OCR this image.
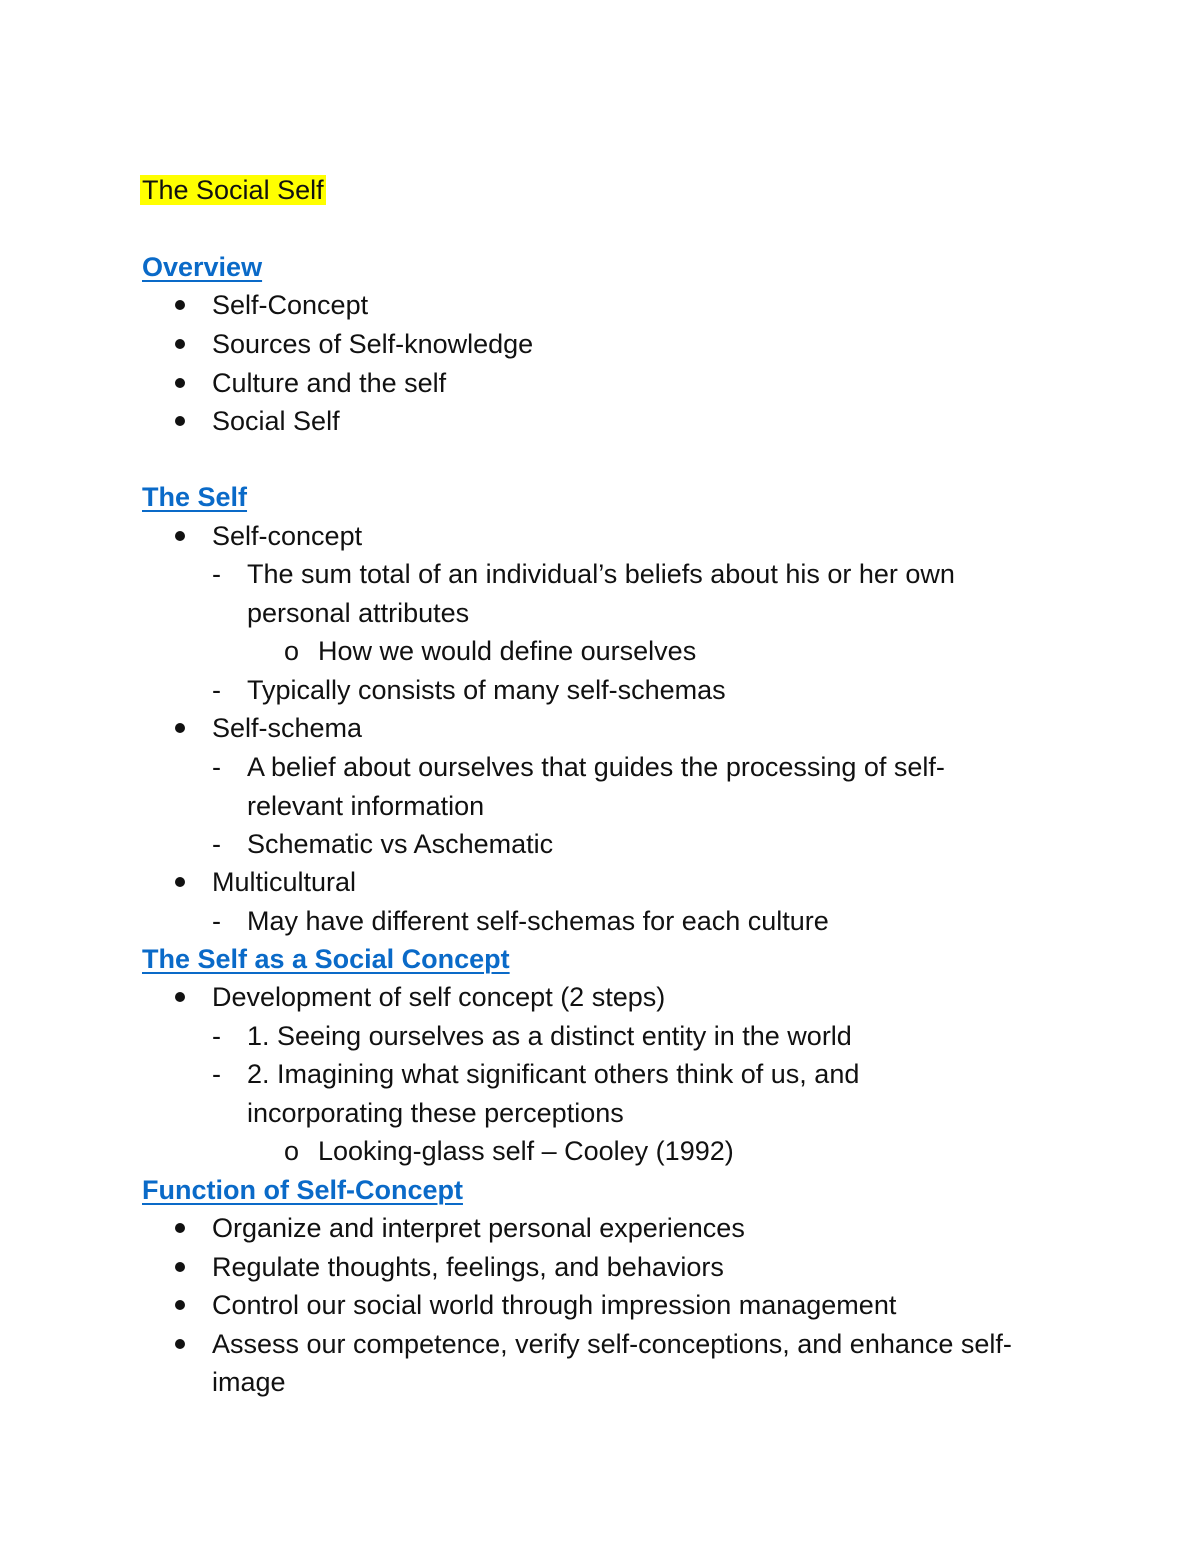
The Social Self
Overview
Self-Concept
Sources of Self-knowledge
Culture and the self
Social Self
The Self
Self-concept
- The sum total of an individual’s beliefs about his or her own
personal attributes
o How we would define ourselves
- Typically consists of many self-schemas
Self-schema
- A belief about ourselves that guides the processing of self-
relevant information
- Schematic vs Aschematic
Multicultural
- May have different self-schemas for each culture
The Self as a Social Concept
Development of self concept (2 steps)
- 1. Seeing ourselves as a distinct entity in the world
- 2. Imagining what significant others think of us, and
incorporating these perceptions
o Looking-glass self – Cooley (1992)
Function of Self-Concept
Organize and interpret personal experiences
Regulate thoughts, feelings, and behaviors
Control our social world through impression management
Assess our competence, verify self-conceptions, and enhance self-
image
